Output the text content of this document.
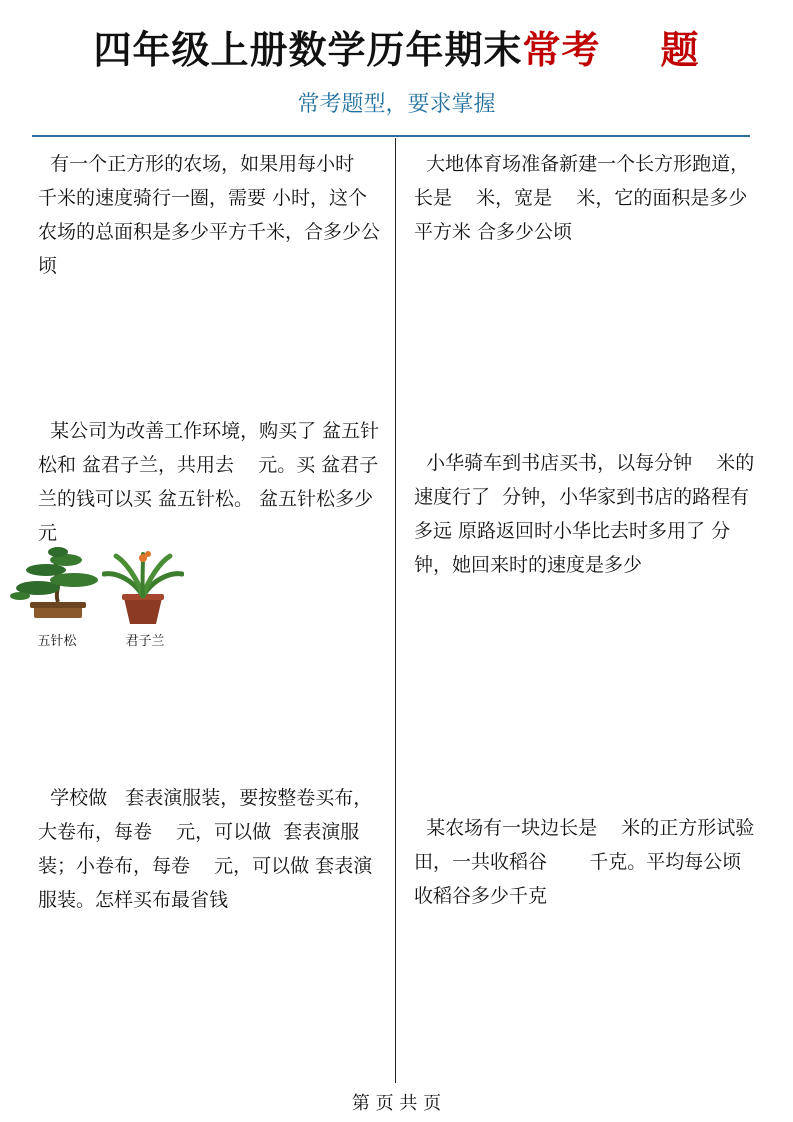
四年级上册数学历年期末常考 题
常考题型，要求掌握
有一个正方形的农场，如果用每小时   千米的速度骑行一圈，需要 小时，这个农场的总面积是多少平方千米，合多少公顷
大地体育场准备新建一个长方形跑道，长是    米，宽是    米，它的面积是多少平方米 合多少公顷
某公司为改善工作环境，购买了 盆五针松和 盆君子兰，共用去    元。买 盆君子兰的钱可以买 盆五针松。 盆五针松多少元
小华骑车到书店买书，以每分钟    米的速度行了  分钟，小华家到书店的路程有多远 原路返回时小华比去时多用了 分钟，她回来时的速度是多少
学校做   套表演服装，要按整卷买布，大卷布，每卷    元，可以做  套表演服装；小卷布，每卷    元，可以做 套表演服装。怎样买布最省钱
某农场有一块边长是    米的正方形试验田，一共收稻谷       千克。平均每公顷收稻谷多少千克
五针松	君子兰
第 页 共 页
